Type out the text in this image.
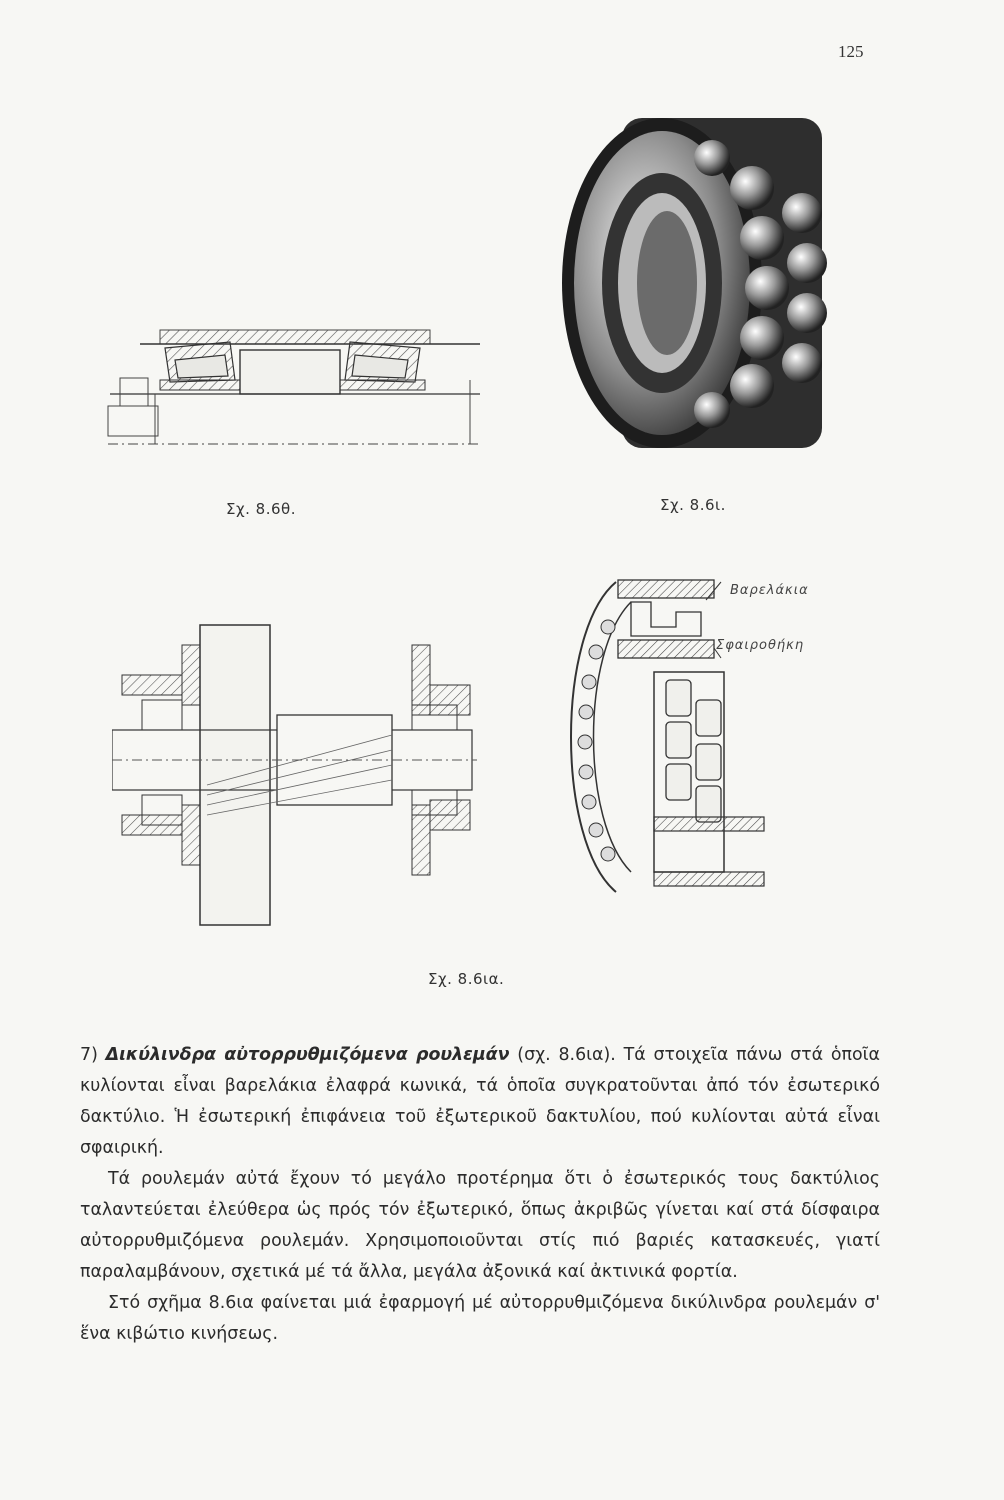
125
Σχ. 8.6θ.	Σχ. 8.6ι.
Βαρελάκια
Σφαιροθήκη
Σχ. 8.6ια.

7) Δικύλινδρα αὐτορρυθμιζόμενα ρουλεμάν (σχ. 8.6ια). Τά στοιχεῖα πάνω στά ὁποῖα κυλίονται εἶναι βαρελάκια ἐλαφρά κωνικά, τά ὁποῖα συγκρατοῦνται ἀπό τόν ἐσωτερικό δακτύλιο. Ἡ ἐσωτερική ἐπιφάνεια τοῦ ἐξωτερικοῦ δακτυλίου, πού κυλίονται αὐτά εἶναι σφαιρική.

Τά ρουλεμάν αὐτά ἔχουν τό μεγάλο προτέρημα ὅτι ὁ ἐσωτερικός τους δακτύλιος ταλαντεύεται ἐλεύθερα ὡς πρός τόν ἐξωτερικό, ὅπως ἀκριβῶς γίνεται καί στά δίσφαιρα αὐτορρυθμιζόμενα ρουλεμάν. Χρησιμοποιοῦνται στίς πιό βαριές κατασκευές, γιατί παραλαμβάνουν, σχετικά μέ τά ἄλλα, μεγάλα ἀξονικά καί ἀκτινικά φορτία.

Στό σχῆμα 8.6ια φαίνεται μιά ἐφαρμογή μέ αὐτορρυθμιζόμενα δικύλινδρα ρουλεμάν σ' ἕνα κιβώτιο κινήσεως.
